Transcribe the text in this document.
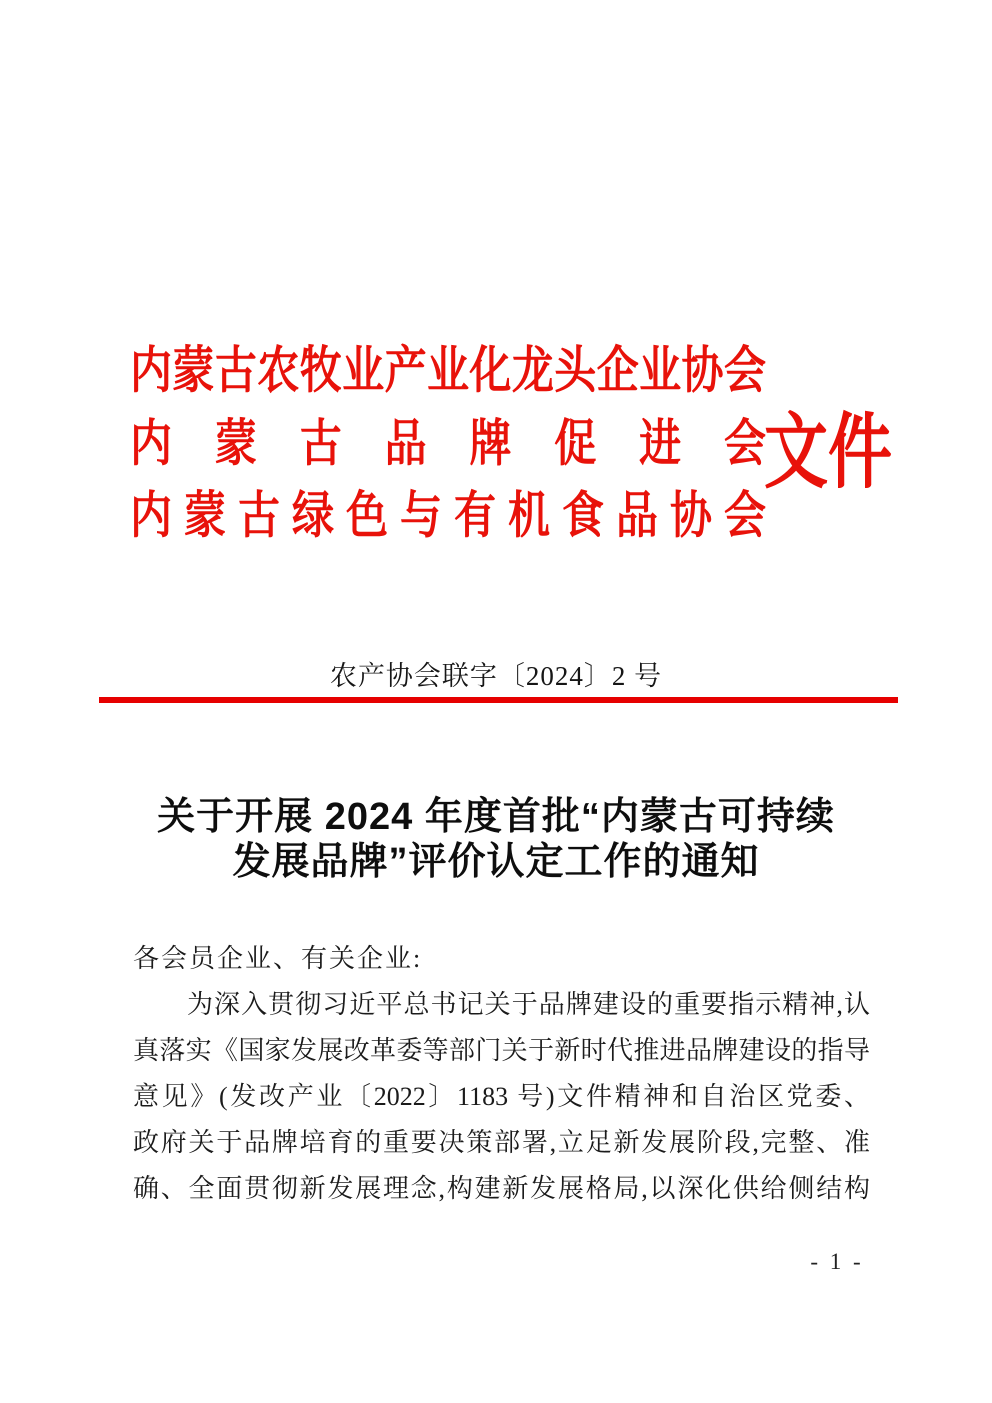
内蒙古农牧业产业化龙头企业协会
内蒙古品牌促进会
内蒙古绿色与有机食品协会
文件
农产协会联字〔2024〕2 号
关于开展 2024 年度首批“内蒙古可持续
发展品牌”评价认定工作的通知
各会员企业、有关企业:
为深入贯彻习近平总书记关于品牌建设的重要指示精神,认
真落实《国家发展改革委等部门关于新时代推进品牌建设的指导
意见》(发改产业〔2022〕1183 号)文件精神和自治区党委、
政府关于品牌培育的重要决策部署,立足新发展阶段,完整、准
确、全面贯彻新发展理念,构建新发展格局,以深化供给侧结构
- 1 -
